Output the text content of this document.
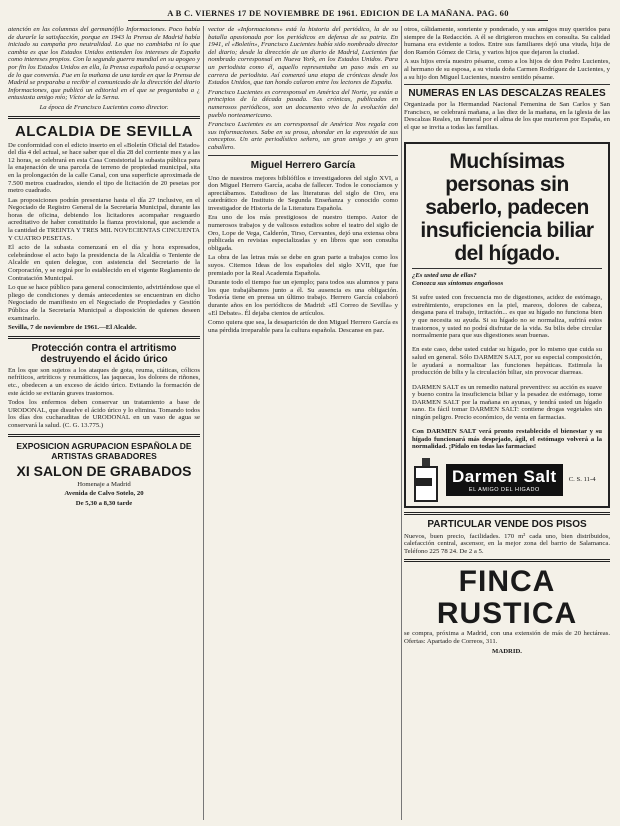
A B C. VIERNES 17 DE NOVIEMBRE DE 1961. EDICION DE LA MAÑANA. PAG. 60

atención en las columnas del germanófilo Informaciones. Poco había de durarle la satisfacción, porque en 1943 la Prensa de Madrid había iniciado su campaña pro neutralidad. Lo que no cambiaba ni lo que cambia es que los Estados Unidos entienden los intereses de España como intereses propios. Con la segunda guerra mundial en su apogeo y por fin los Estados Unidos en ella, la Prensa española pasó a ocuparse de lo que convenía. Fue en la mañana de una tarde en que la Prensa de Madrid se preparaba a recibir el comunicado de la dirección del diario Informaciones, que publicó un editorial en el que se preguntaba a ¿ entusiasta amigo mío; Víctor de la Serna.

La época de Francisco Lucientes como director.

ALCALDIA DE SEVILLA

De conformidad con el edicto inserto en el «Boletín Oficial del Estado» del día 4 del actual, se hace saber que el día 28 del corriente mes y a las 12 horas, se celebrará en esta Casa Consistorial la subasta pública para la enajenación de una parcela de terreno de propiedad municipal, sita en la prolongación de la calle Canal, con una superficie aproximada de 7.500 metros cuadrados, siendo el tipo de licitación de 20 pesetas por metro cuadrado.

Las proposiciones podrán presentarse hasta el día 27 inclusive, en el Negociado de Registro General de la Secretaría Municipal, durante las horas de oficina, debiendo los licitadores acompañar resguardo acreditativo de haber constituido la fianza provisional, que asciende a la cantidad de TREINTA Y TRES MIL NOVECIENTAS CINCUENTA Y CUATRO PESETAS.

El acto de la subasta comenzará en el día y hora expresados, celebrándose el acto bajo la presidencia de la Alcaldía o Teniente de Alcalde en quien delegue, con asistencia del Secretario de la Corporación, y se regirá por lo establecido en el vigente Reglamento de Contratación Municipal.

Lo que se hace público para general conocimiento, advirtiéndose que el pliego de condiciones y demás antecedentes se encuentran en dicho Negociado de manifiesto en el Negociado de Propiedades y Gestión Pública de la Secretaría Municipal a disposición de quienes deseen examinarlo.

Sevilla, 7 de noviembre de 1961.—El Alcalde.

Protección contra el artritismo destruyendo el ácido úrico

En los que son sujetos a los ataques de gota, reuma, ciáticas, cólicos nefríticos, artríticos y reumáticos, las jaquecas, los dolores de riñones, etc., obedecen a un exceso de ácido úrico. Evitando la formación de este ácido se evitarán graves trastornos.

Todos los enfermos deben conservar un tratamiento a base de URODONAL, que disuelve el ácido úrico y lo elimina. Tomando todos los días dos cucharaditas de URODONAL en un vaso de agua se conservará la salud. (C. G. 13.775.)

EXPOSICION AGRUPACION ESPAÑOLA DE ARTISTAS GRABADORES
XI SALON DE GRABADOS

Homenaje a Madrid

Avenida de Calvo Sotelo, 20

De 5,30 a 8,30 tarde

vector de «Informaciones» está la historia del periódico, la de su batalla apasionada por los periódicos en defensa de su patria. En 1941, el «Boletín», Francisco Lucientes había sido nombrado director del diario; desde la dirección de un diario de Madrid, Lucientes fue nombrado corresponsal en Nueva York, en los Estados Unidos. Para un periodista como él, aquello representaba un paso más en su carrera de periodista. Así comenzó una etapa de crónicas desde los Estados Unidos, que tan hondo calaron entre los lectores de España.

Francisco Lucientes es corresponsal en América del Norte, ya están a principios de la década pasada. Sus crónicas, publicadas en numerosos periódicos, son un documento vivo de la evolución del pueblo norteamericano.

Francisco Lucientes es un corresponsal de América Nos regala con sus informaciones. Sabe en su prosa, ahondar en la expresión de sus conceptos. Un arte periodístico señero, un gran amigo y un gran caballero.

Miguel Herrero García

Uno de nuestros mejores bibliófilos e investigadores del siglo XVI, a don Miguel Herrero García, acaba de fallecer. Todos le conocíamos y apreciábamos. Estudioso de las literaturas del siglo de Oro, era catedrático de Instituto de Segunda Enseñanza y conocido como investigador de Historia de la Literatura Española.

Era uno de los más prestigiosos de nuestro tiempo. Autor de numerosos trabajos y de valiosos estudios sobre el teatro del siglo de Oro, Lope de Vega, Calderón, Tirso, Cervantes, dejó una extensa obra publicada en revistas especializadas y en libros que son consulta obligada.

La obra de las letras más se debe en gran parte a trabajos como los suyos. Citemos Ideas de los españoles del siglo XVII, que fue premiado por la Real Academia Española.

Durante todo el tiempo fue un ejemplo; para todos sus alumnos y para los que trabajábamos junto a él. Su ausencia es una obligación. Todavía tiene en prensa un último trabajo. Herrero García colaboró durante años en los periódicos de Madrid: «El Correo de Sevilla» y «El Debate». Él dejaba cientos de artículos.

Como quiera que sea, la desaparición de don Miguel Herrero García es una pérdida irreparable para la cultura española. Descanse en paz.

otros, cálidamente, sonriente y ponderado, y sus amigos muy queridos para siempre de la Redacción. A él se dirigieron muchos en consulta. Su calidad humana era evidente a todos. Entre sus familiares dejó una viuda, hija de don Ramón Gómez de Ciria, y varios hijos que dejaron la ciudad.

A sus hijos envía nuestro pésame, como a los hijos de don Pedro Lucientes, al hermano de su esposa, a su viuda doña Carmen Rodríguez de Lucientes, y a su hijo don Miguel Lucientes, nuestro sentido pésame.

NUMERAS EN LAS DESCALZAS REALES

Organizada por la Hermandad Nacional Femenina de San Carlos y San Francisco, se celebrará mañana, a las diez de la mañana, en la iglesia de las Descalzas Reales, un funeral por el alma de los que murieron por España, en el que se invita a todas las familias.

Muchísimas personas sin saberlo, padecen insuficiencia biliar del hígado.
¿Es usted una de ellas?
Conozca sus síntomas engañosos

Si sufre usted con frecuencia mo de digestiones, acidez de estómago, estreñimiento, erupciones en la piel, mareos, dolores de cabeza, desgana para el trabajo, irritación... es que su hígado no funciona bien y que necesita su ayuda. Si su hígado no se normaliza, sufrirá estos trastornos, y usted no podrá disfrutar de la vida. Su bilis debe circular normalmente para que sus digestiones sean buenas.

En este caso, debe usted cuidar su hígado, por lo mismo que cuida su salud en general. Sólo DARMEN SALT, por su especial composición, le ayudará a normalizar las funciones hepáticas. Estimula la producción de bilis y la circulación biliar, sin provocar diarreas.

DARMEN SALT es un remedio natural preventivo: su acción es suave y bueno contra la insuficiencia biliar y la pesadez de estómago, tome DARMEN SALT por la mañana en ayunas, y tendrá usted un hígado sano. Es fácil tomar DARMEN SALT: contiene drogas vegetales sin ningún peligro. Precio económico, de venta en farmacias.

Con DARMEN SALT verá pronto restablecido el bienestar y su hígado funcionará más despejado, ágil, el estómago volverá a la normalidad. ¡Pídalo en todas las farmacias!

Darmen Salt
EL AMIGO DEL HIGADO
C. S. 11-4
PARTICULAR VENDE DOS PISOS

Nuevos, buen precio, facilidades. 170 m² cada uno, bien distribuidos, calefacción central, ascensor, en la mejor zona del barrio de Salamanca. Teléfono 225 78 24. De 2 a 5.

FINCA RUSTICA

se compra, próxima a Madrid, con una extensión de más de 20 hectáreas. Ofertas: Apartado de Correos, 311.

MADRID.
